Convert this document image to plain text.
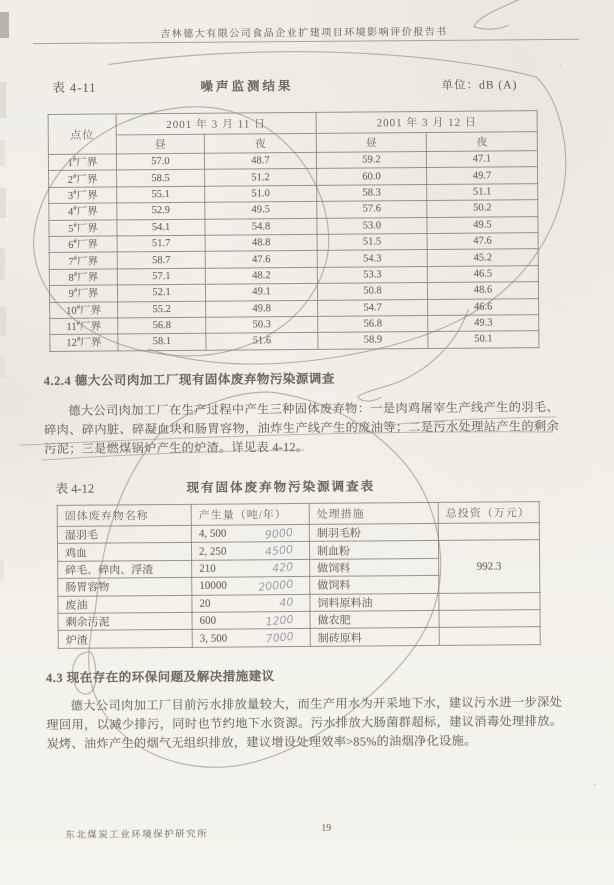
吉林德大有限公司食品企业扩建项目环境影响评价报告书
表 4-11	噪声监测结果	单位：dB (A)
点位	2001 年 3 月 11 日		2001 年 3 月 12 日	
	昼	夜	昼	夜
1#厂界	57.0	48.7	59.2	47.1
2#厂界	58.5	51.2	60.0	49.7
3#厂界	55.1	51.0	58.3	51.1
4#厂界	52.9	49.5	57.6	50.2
5#厂界	54.1	54.8	53.0	49.5
6#厂界	51.7	48.8	51.5	47.6
7#厂界	58.7	47.6	54.3	45.2
8#厂界	57.1	48.2	53.3	46.5
9#厂界	52.1	49.1	50.8	48.6
10#厂界	55.2	49.8	54.7	46.6
11#厂界	56.8	50.3	56.8	49.3
12#厂界	58.1	51.6	58.9	50.1
4.2.4 德大公司肉加工厂现有固体废弃物污染源调查
德大公司肉加工厂在生产过程中产生三种固体废弃物：一是肉鸡屠宰生产线产生的羽毛、碎肉、碎内脏、碎凝血块和肠胃容物，油炸生产线产生的废油等；二是污水处理站产生的剩余污泥；三是燃煤锅炉产生的炉渣。详见表 4-12。
表 4-12	现有固体废弃物污染源调查表
固体废弃物名称	产生量（吨/年）	处理措施	总投资（万元）
湿羽毛	4, 500 9000	制羽毛粉	
鸡血	2, 250 4500	制血粉	992.3
碎毛、碎肉、浮渣	210 420	做饲料	
肠胃容物	10000 20000	做饲料	
废油	20 40	饲料原料油	
剩余污泥	600 1200	做农肥	
炉渣	3, 500 7000	制砖原料	
4.3 现在存在的环保问题及解决措施建议
德大公司肉加工厂目前污水排放量较大，而生产用水为开采地下水，建议污水进一步深处理回用，以减少排污，同时也节约地下水资源。污水排放大肠菌群超标，建议消毒处理排放。炭烤、油炸产生的烟气无组织排放，建议增设处理效率>85%的油烟净化设施。
东北煤炭工业环境保护研究所
19
